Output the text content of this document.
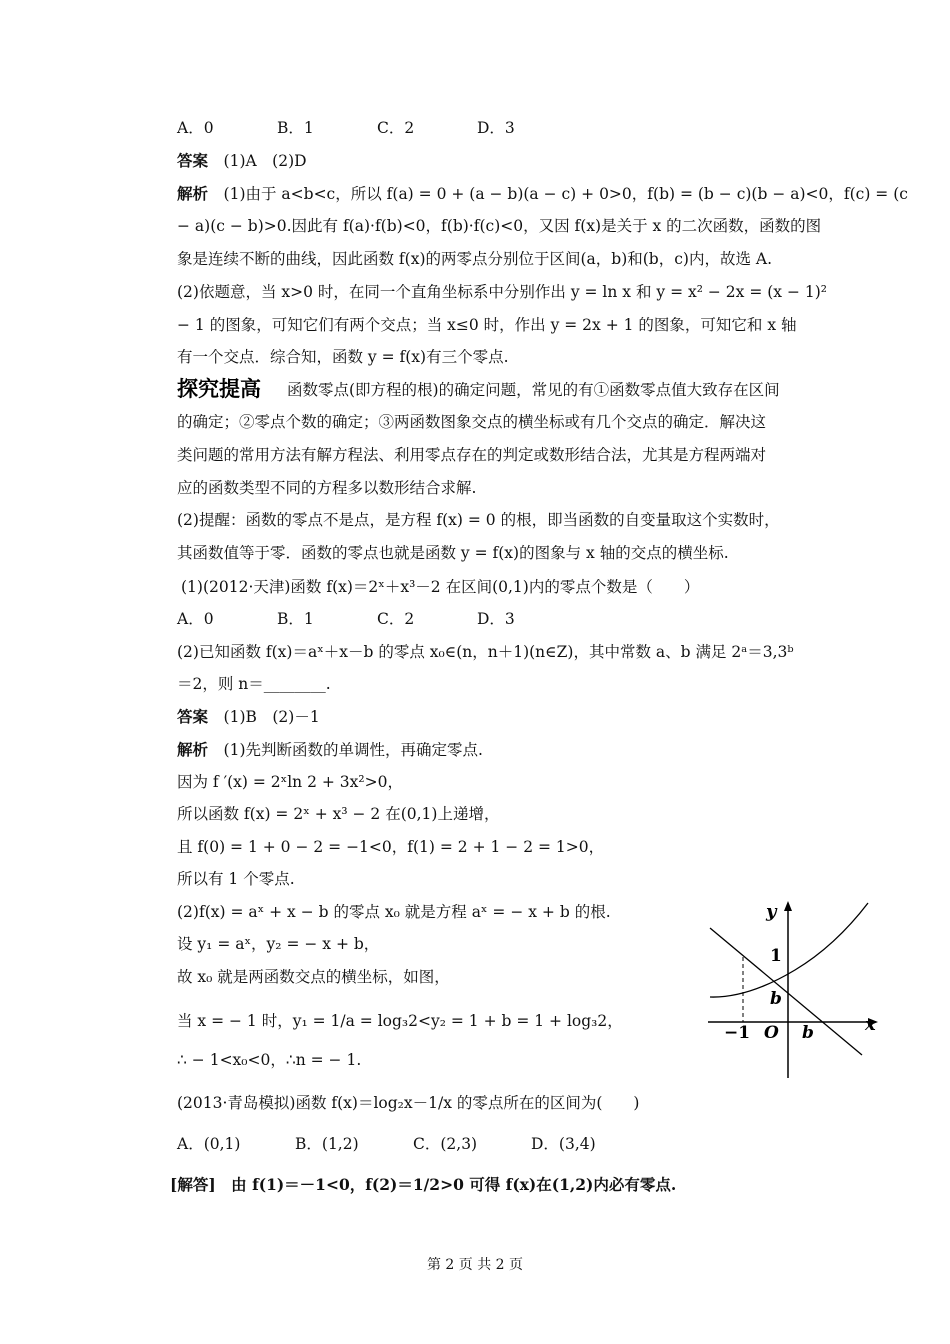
A．0	B．1	C．2	D．3
答案　 (1)A　(2)D
解析　 (1)由于 a<b<c，所以 f(a) = 0 + (a − b)(a − c) + 0>0，f(b) = (b − c)(b − a)<0，f(c) = (c
− a)(c − b)>0.因此有 f(a)·f(b)<0，f(b)·f(c)<0，又因 f(x)是关于 x 的二次函数，函数的图
象是连续不断的曲线，因此函数 f(x)的两零点分别位于区间(a，b)和(b，c)内，故选 A.
(2)依题意，当 x>0 时，在同一个直角坐标系中分别作出 y = ln x 和 y = x² − 2x = (x − 1)²
− 1 的图象，可知它们有两个交点；当 x≤0 时，作出 y = 2x + 1 的图象，可知它和 x 轴
有一个交点．综合知，函数 y = f(x)有三个零点.
探究提高	函数零点(即方程的根)的确定问题，常见的有①函数零点值大致存在区间
的确定；②零点个数的确定；③两函数图象交点的横坐标或有几个交点的确定．解决这
类问题的常用方法有解方程法、利用零点存在的判定或数形结合法，尤其是方程两端对
应的函数类型不同的方程多以数形结合求解.
(2)提醒：函数的零点不是点，是方程 f(x) = 0 的根，即当函数的自变量取这个实数时，
其函数值等于零．函数的零点也就是函数 y = f(x)的图象与 x 轴的交点的横坐标.
(1)(2012·天津)函数 f(x)＝2ˣ＋x³－2 在区间(0,1)内的零点个数是（　　）
A．0	B．1	C．2	D．3
(2)已知函数 f(x)＝aˣ＋x－b 的零点 x₀∈(n，n＋1)(n∈Z)，其中常数 a、b 满足 2ᵃ＝3,3ᵇ
＝2，则 n＝________.
答案　 (1)B　(2)－1
解析　 (1)先判断函数的单调性，再确定零点.
因为 f ′(x) = 2ˣln 2 + 3x²>0，
所以函数 f(x) = 2ˣ + x³ − 2 在(0,1)上递增，
且 f(0) = 1 + 0 − 2 = −1<0，f(1) = 2 + 1 − 2 = 1>0，
所以有 1 个零点.
(2)f(x) = aˣ + x − b 的零点 x₀ 就是方程 aˣ = − x + b 的根.
设 y₁ = aˣ，y₂ = − x + b，
故 x₀ 就是两函数交点的横坐标，如图，
当 x = − 1 时，y₁ = 1/a = log₃2<y₂ = 1 + b = 1 + log₃2，
∴ − 1<x₀<0，∴n = − 1.
y
x
1
b
−1 O b
(2013·青岛模拟)函数 f(x)＝log₂x－1/x 的零点所在的区间为(　　)
A．(0,1)	B．(1,2)	C．(2,3)	D．(3,4)
[解答]　由 f(1)＝－1<0，f(2)＝1/2>0 可得 f(x)在(1,2)内必有零点.
第 2 页 共 2 页
